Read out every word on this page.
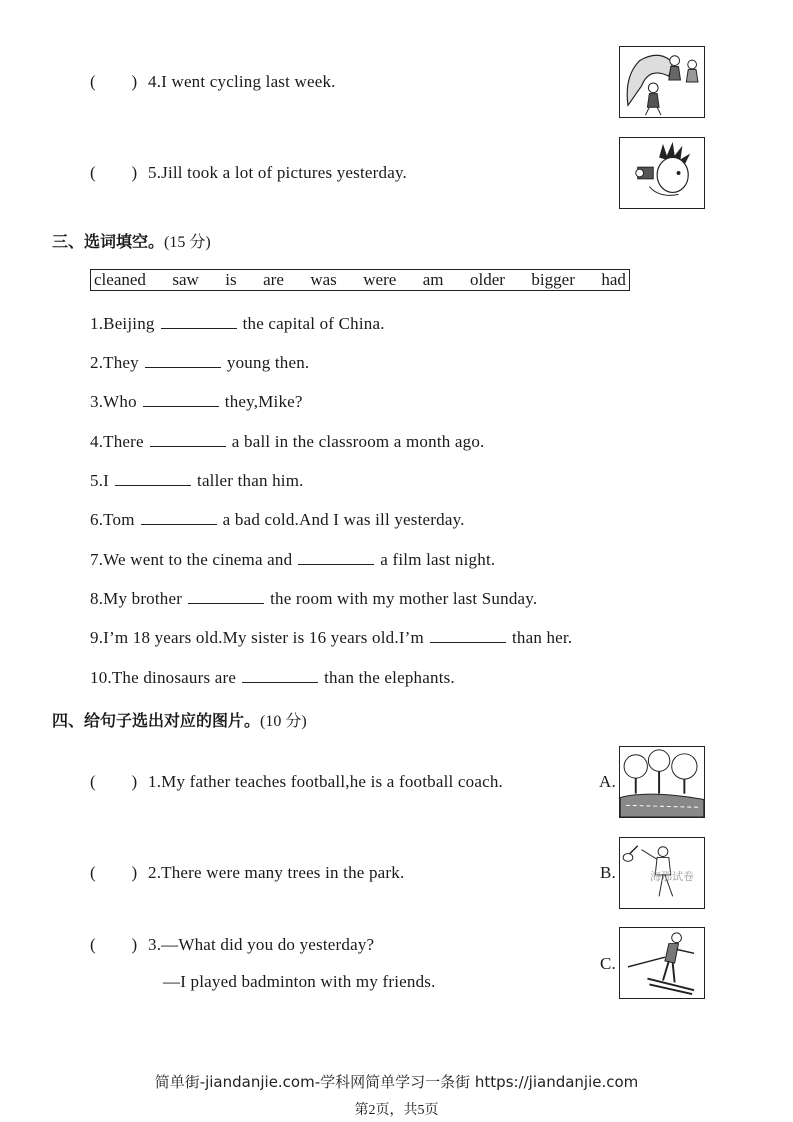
( ) 4.I went cycling last week.
( ) 5.Jill took a lot of pictures yesterday.
三、选词填空。(15 分)
cleaned saw is are was were am older bigger had
1.Beijing	the capital of China.
2.They	young then.
3.Who	they,Mike?
4.There	a ball in the classroom a month ago.
5.I	taller than him.
6.Tom	a bad cold.And I was ill yesterday.
7.We went to the cinema and	a film last night.
8.My brother	the room with my mother last Sunday.
9.I’m 18 years old.My sister is 16 years old.I’m	than her.
10.The dinosaurs are	than the elephants.
四、给句子选出对应的图片。(10 分)
( ) 1.My father teaches football,he is a football coach.
( ) 2.There were many trees in the park.
( ) 3.—What did you do yesterday?
—I played badminton with my friends.
A.
B.
C.
海那试卷
简单街-jiandanjie.com-学科网简单学习一条街 https://jiandanjie.com
第2页，共5页
